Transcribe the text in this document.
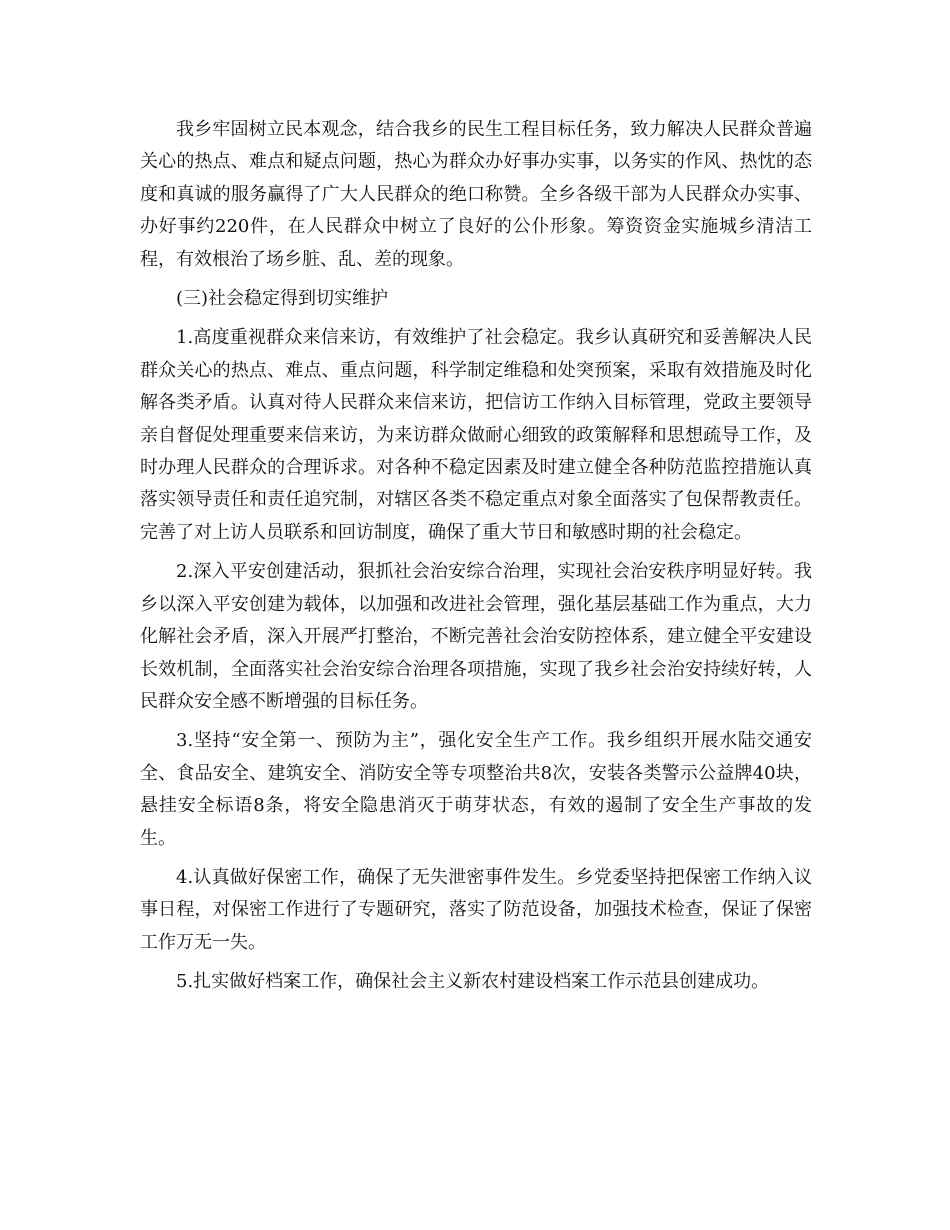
我乡牢固树立民本观念，结合我乡的民生工程目标任务，致力解决人民群众普遍关心的热点、难点和疑点问题，热心为群众办好事办实事，以务实的作风、热忱的态度和真诚的服务赢得了广大人民群众的绝口称赞。全乡各级干部为人民群众办实事、办好事约220件，在人民群众中树立了良好的公仆形象。筹资资金实施城乡清洁工程，有效根治了场乡脏、乱、差的现象。

(三)社会稳定得到切实维护

1.高度重视群众来信来访，有效维护了社会稳定。我乡认真研究和妥善解决人民群众关心的热点、难点、重点问题，科学制定维稳和处突预案，采取有效措施及时化解各类矛盾。认真对待人民群众来信来访，把信访工作纳入目标管理，党政主要领导亲自督促处理重要来信来访，为来访群众做耐心细致的政策解释和思想疏导工作，及时办理人民群众的合理诉求。对各种不稳定因素及时建立健全各种防范监控措施认真落实领导责任和责任追究制，对辖区各类不稳定重点对象全面落实了包保帮教责任。完善了对上访人员联系和回访制度，确保了重大节日和敏感时期的社会稳定。

2.深入平安创建活动，狠抓社会治安综合治理，实现社会治安秩序明显好转。我乡以深入平安创建为载体，以加强和改进社会管理，强化基层基础工作为重点，大力化解社会矛盾，深入开展严打整治，不断完善社会治安防控体系，建立健全平安建设长效机制，全面落实社会治安综合治理各项措施，实现了我乡社会治安持续好转，人民群众安全感不断增强的目标任务。

3.坚持“安全第一、预防为主”，强化安全生产工作。我乡组织开展水陆交通安全、食品安全、建筑安全、消防安全等专项整治共8次，安装各类警示公益牌40块，悬挂安全标语8条，将安全隐患消灭于萌芽状态，有效的遏制了安全生产事故的发生。

4.认真做好保密工作，确保了无失泄密事件发生。乡党委坚持把保密工作纳入议事日程，对保密工作进行了专题研究，落实了防范设备，加强技术检查，保证了保密工作万无一失。

5.扎实做好档案工作，确保社会主义新农村建设档案工作示范县创建成功。
